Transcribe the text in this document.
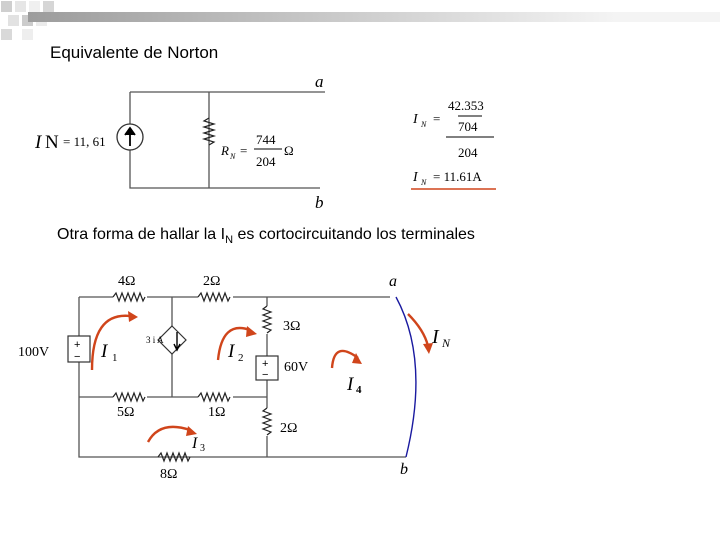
Equivalente de Norton
Otra forma de hallar la $I_N$ es cortocircuitando los terminales
I N = 11, 61
R N =
744
204
Ω
a
b
I N =
42.353
704
204
I N = 11.61A
+
−
100V
+
− 60V
3 i A
4Ω	2Ω
3Ω
2Ω
5Ω	1Ω
8Ω
a
b
I 1	I 2
I 3
I 4
I N
